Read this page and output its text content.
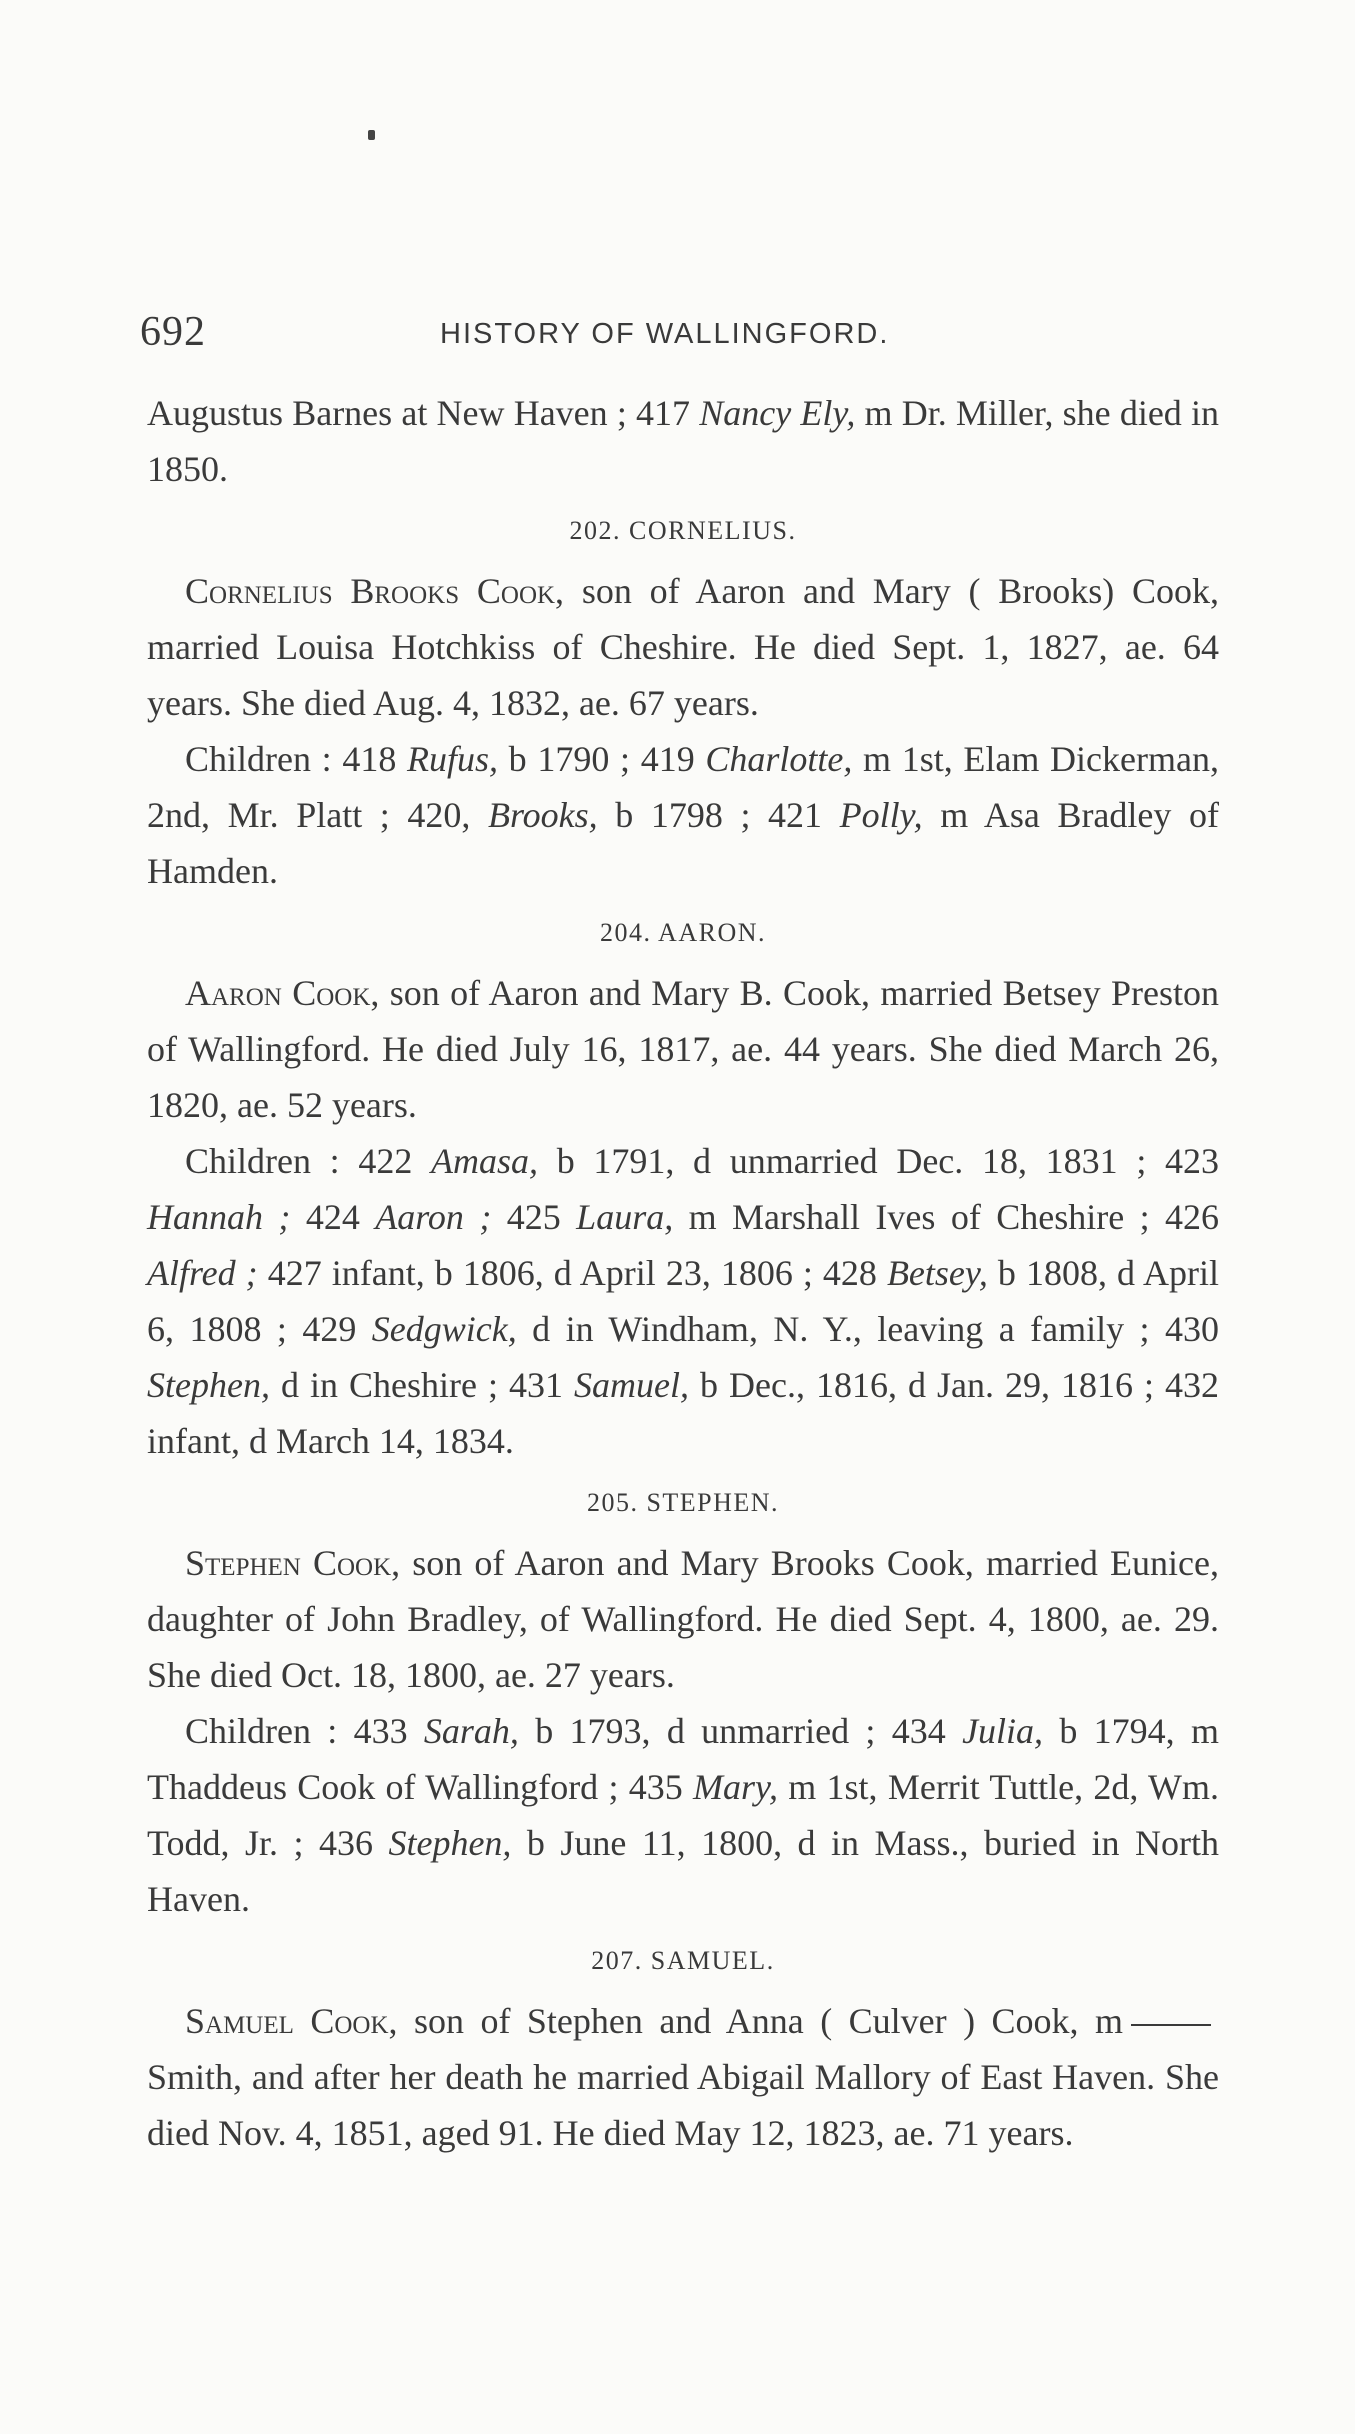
692	HISTORY OF WALLINGFORD.

Augustus Barnes at New Haven ; 417 Nancy Ely, m Dr. Miller, she died in 1850.

202. CORNELIUS.

Cornelius Brooks Cook, son of Aaron and Mary ( Brooks) Cook, married Louisa Hotchkiss of Cheshire. He died Sept. 1, 1827, ae. 64 years. She died Aug. 4, 1832, ae. 67 years.

Children : 418 Rufus, b 1790 ; 419 Charlotte, m 1st, Elam Dickerman, 2nd, Mr. Platt ; 420, Brooks, b 1798 ; 421 Polly, m Asa Bradley of Hamden.

204. AARON.

Aaron Cook, son of Aaron and Mary B. Cook, married Betsey Preston of Wallingford. He died July 16, 1817, ae. 44 years. She died March 26, 1820, ae. 52 years.

Children : 422 Amasa, b 1791, d unmarried Dec. 18, 1831 ; 423 Hannah ; 424 Aaron ; 425 Laura, m Marshall Ives of Cheshire ; 426 Alfred ; 427 infant, b 1806, d April 23, 1806 ; 428 Betsey, b 1808, d April 6, 1808 ; 429 Sedgwick, d in Windham, N. Y., leaving a family ; 430 Stephen, d in Cheshire ; 431 Samuel, b Dec., 1816, d Jan. 29, 1816 ; 432 infant, d March 14, 1834.

205. STEPHEN.

Stephen Cook, son of Aaron and Mary Brooks Cook, married Eunice, daughter of John Bradley, of Wallingford. He died Sept. 4, 1800, ae. 29. She died Oct. 18, 1800, ae. 27 years.

Children : 433 Sarah, b 1793, d unmarried ; 434 Julia, b 1794, m Thaddeus Cook of Wallingford ; 435 Mary, m 1st, Merrit Tuttle, 2d, Wm. Todd, Jr. ; 436 Stephen, b June 11, 1800, d in Mass., buried in North Haven.

207. SAMUEL.

Samuel Cook, son of Stephen and Anna ( Culver ) Cook, mSmith, and after her death he married Abigail Mallory of East Haven. She died Nov. 4, 1851, aged 91. He died May 12, 1823, ae. 71 years.
